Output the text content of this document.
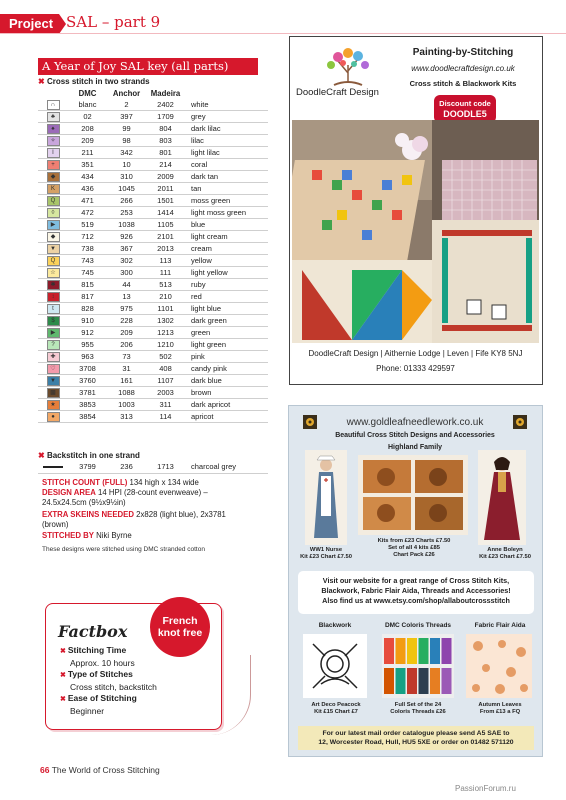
Project SAL – part 9
A Year of Joy SAL key (all parts)
✖ Cross stitch in two strands
	DMC	Anchor	Madeira	
∩	blanc	2	2402	white
♣	02	397	1709	grey
♠	208	99	804	dark lilac
✧	209	98	803	lilac
I	211	342	801	light lilac
+	351	10	214	coral
◆	434	310	2009	dark tan
K	436	1045	2011	tan
Q	471	266	1501	moss green
◊	472	253	1414	light moss green
▶	519	1038	1105	blue
◆	712	926	2101	light cream
▼	738	367	2013	cream
Q	743	302	113	yellow
☆	745	300	111	light yellow
✱	815	44	513	ruby
↕	817	13	210	red
t	828	975	1101	light blue
$	910	228	1302	dark green
▶	912	209	1213	green
?	955	206	1210	light green
✚	963	73	502	pink
♡	3708	31	408	candy pink
▼	3760	161	1107	dark blue
▩	3781	1088	2003	brown
★	3853	1003	311	dark apricot
●	3854	313	114	apricot
✖ Backstitch in one strand
	3799	236	1713	charcoal grey
STITCH COUNT (FULL) 134 high x 134 wide
DESIGN AREA 14 HPI (28-count evenweave) –
24.5x24.5cm (9½x9½in)
EXTRA SKEINS NEEDED 2x828 (light blue), 2x3781
(brown)
STITCHED BY Niki Byrne
These designs were stitched using DMC stranded cotton
Factbox
French
knot free
✖ Stitching Time
Approx. 10 hours
✖ Type of Stitches
Cross stitch, backstitch
✖ Ease of Stitching
Beginner
DoodleCraft Design
Painting-by-Stitching
www.doodlecraftdesign.co.uk
Cross stitch & Blackwork Kits
Discount code
DOODLE5
DoodleCraft Design | Aithernie Lodge | Leven | Fife KY8 5NJ
Phone: 01333 429597
www.goldleafneedlework.co.uk
Beautiful Cross Stitch Designs and Accessories
Highland Family
WW1 Nurse
Kit £23 Chart £7.50
Kits from £23 Charts £7.50
Set of all 4 kits £85
Chart Pack £26
Anne Boleyn
Kit £23 Chart £7.50
Visit our website for a great range of Cross Stitch Kits,
Blackwork, Fabric Flair Aida, Threads and Accessories!
Also find us at www.etsy.com/shop/allaboutcrossstitch
Blackwork	DMC Coloris Threads	Fabric Flair Aida
Art Deco Peacock
Kit £15 Chart £7
Full Set of the 24
Coloris Threads £26
Autumn Leaves
From £13 a FQ
For our latest mail order catalogue please send A5 SAE to
12, Worcester Road, Hull, HU5 5XE or order on 01482 571120
66 The World of Cross Stitching
PassionForum.ru
